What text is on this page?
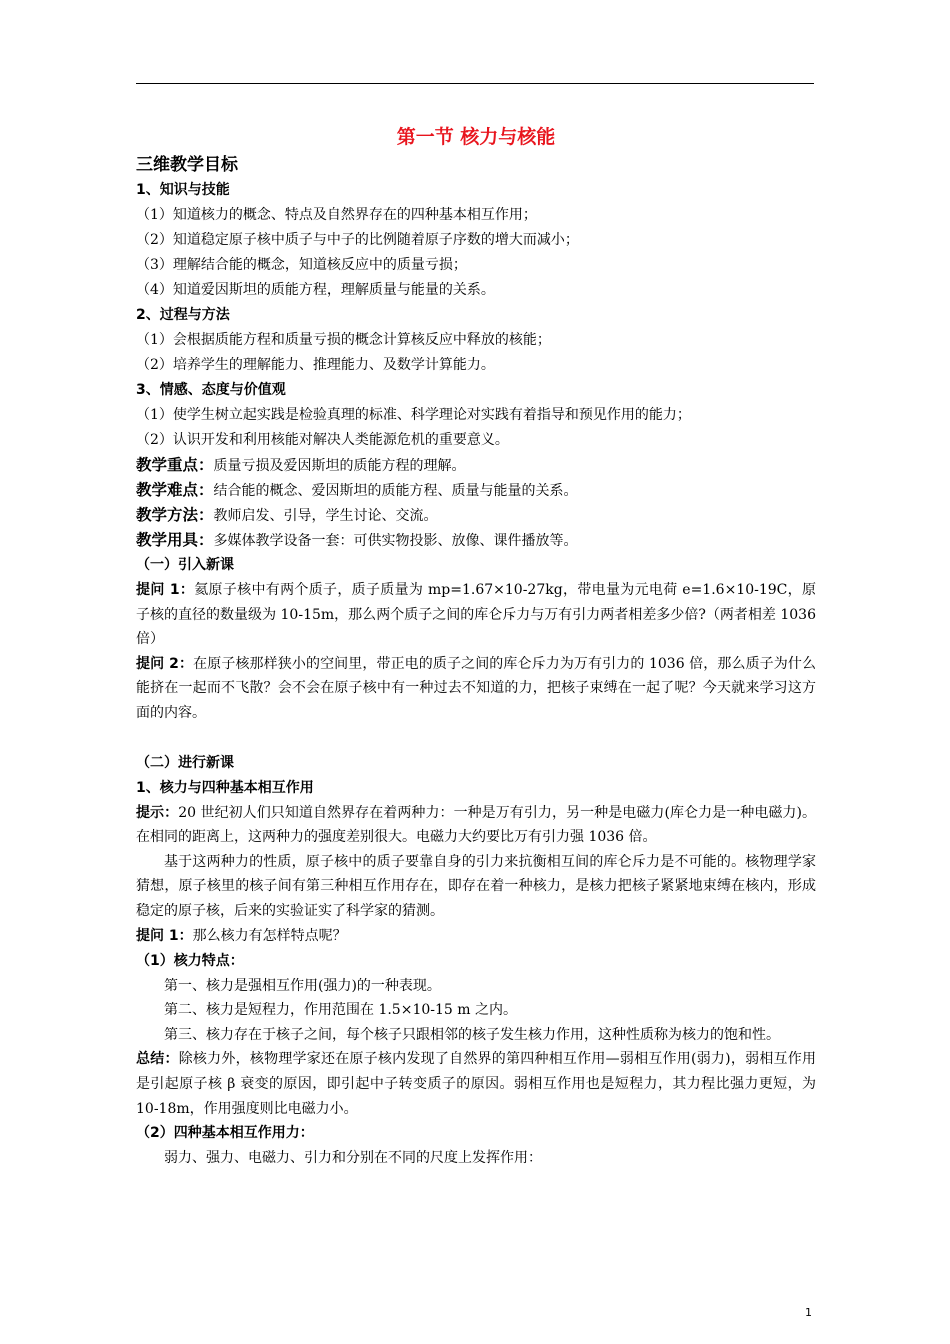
第一节 核力与核能
三维教学目标
1、知识与技能
（1）知道核力的概念、特点及自然界存在的四种基本相互作用；
（2）知道稳定原子核中质子与中子的比例随着原子序数的增大而减小；
（3）理解结合能的概念，知道核反应中的质量亏损；
（4）知道爱因斯坦的质能方程，理解质量与能量的关系。
2、过程与方法
（1）会根据质能方程和质量亏损的概念计算核反应中释放的核能；
（2）培养学生的理解能力、推理能力、及数学计算能力。
3、情感、态度与价值观
（1）使学生树立起实践是检验真理的标准、科学理论对实践有着指导和预见作用的能力；
（2）认识开发和利用核能对解决人类能源危机的重要意义。
教学重点：质量亏损及爱因斯坦的质能方程的理解。
教学难点：结合能的概念、爱因斯坦的质能方程、质量与能量的关系。
教学方法：教师启发、引导，学生讨论、交流。
教学用具：多媒体教学设备一套：可供实物投影、放像、课件播放等。
（一）引入新课
提问 1：氦原子核中有两个质子，质子质量为 mp=1.67×10-27kg，带电量为元电荷 e=1.6×10-19C，原子核的直径的数量级为 10-15m，那么两个质子之间的库仑斥力与万有引力两者相差多少倍?（两者相差 1036 倍）
提问 2：在原子核那样狭小的空间里，带正电的质子之间的库仑斥力为万有引力的 1036 倍，那么质子为什么能挤在一起而不飞散？会不会在原子核中有一种过去不知道的力，把核子束缚在一起了呢？今天就来学习这方面的内容。
（二）进行新课
1、核力与四种基本相互作用
提示：20 世纪初人们只知道自然界存在着两种力：一种是万有引力，另一种是电磁力(库仑力是一种电磁力)。在相同的距离上，这两种力的强度差别很大。电磁力大约要比万有引力强 1036 倍。
基于这两种力的性质，原子核中的质子要靠自身的引力来抗衡相互间的库仑斥力是不可能的。核物理学家猜想，原子核里的核子间有第三种相互作用存在，即存在着一种核力，是核力把核子紧紧地束缚在核内，形成稳定的原子核，后来的实验证实了科学家的猜测。
提问 1：那么核力有怎样特点呢？
（1）核力特点：
第一、核力是强相互作用(强力)的一种表现。
第二、核力是短程力，作用范围在 1.5×10-15 m 之内。
第三、核力存在于核子之间，每个核子只跟相邻的核子发生核力作用，这种性质称为核力的饱和性。
总结：除核力外，核物理学家还在原子核内发现了自然界的第四种相互作用—弱相互作用(弱力)，弱相互作用是引起原子核 β 衰变的原因，即引起中子转变质子的原因。弱相互作用也是短程力，其力程比强力更短，为 10-18m，作用强度则比电磁力小。
（2）四种基本相互作用力：
弱力、强力、电磁力、引力和分别在不同的尺度上发挥作用：
1
